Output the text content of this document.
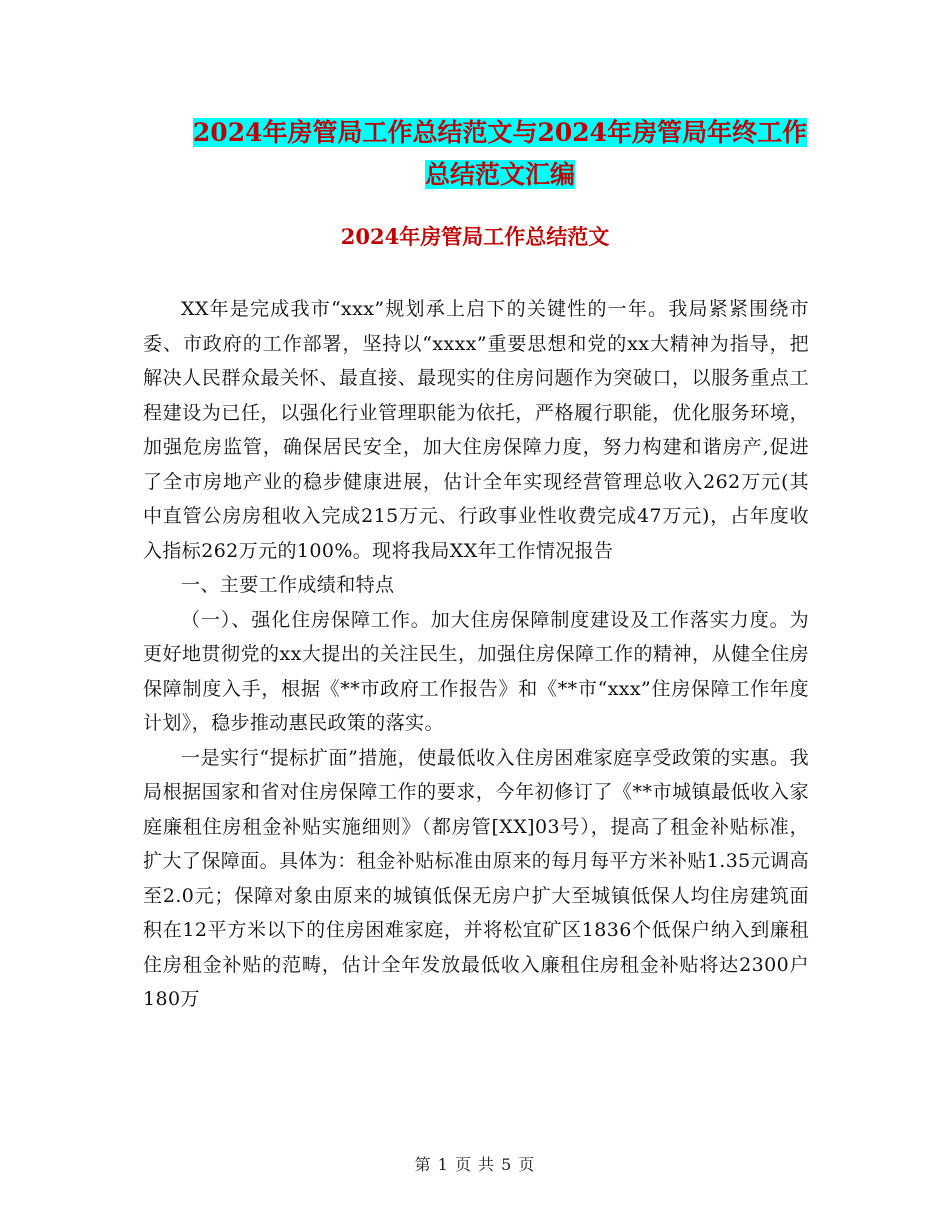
2024年房管局工作总结范文与2024年房管局年终工作
总结范文汇编
2024年房管局工作总结范文

XX年是完成我市“xxx”规划承上启下的关键性的一年。我局紧紧围绕市委、市政府的工作部署，坚持以“xxxx”重要思想和党的xx大精神为指导，把解决人民群众最关怀、最直接、最现实的住房问题作为突破口，以服务重点工程建设为已任，以强化行业管理职能为依托，严格履行职能，优化服务环境，加强危房监管，确保居民安全，加大住房保障力度，努力构建和谐房产,促进了全市房地产业的稳步健康进展，估计全年实现经营管理总收入262万元(其中直管公房房租收入完成215万元、行政事业性收费完成47万元)，占年度收入指标262万元的100%。现将我局XX年工作情况报告

一、主要工作成绩和特点

（一）、强化住房保障工作。加大住房保障制度建设及工作落实力度。为更好地贯彻党的xx大提出的关注民生，加强住房保障工作的精神，从健全住房保障制度入手，根据《**市政府工作报告》和《**市“xxx”住房保障工作年度计划》，稳步推动惠民政策的落实。

一是实行“提标扩面”措施，使最低收入住房困难家庭享受政策的实惠。我局根据国家和省对住房保障工作的要求，今年初修订了《**市城镇最低收入家庭廉租住房租金补贴实施细则》（都房管[XX]03号），提高了租金补贴标准，扩大了保障面。具体为：租金补贴标准由原来的每月每平方米补贴1.35元调高至2.0元；保障对象由原来的城镇低保无房户扩大至城镇低保人均住房建筑面积在12平方米以下的住房困难家庭，并将松宜矿区1836个低保户纳入到廉租住房租金补贴的范畴，估计全年发放最低收入廉租住房租金补贴将达2300户180万

第 1 页 共 5 页
